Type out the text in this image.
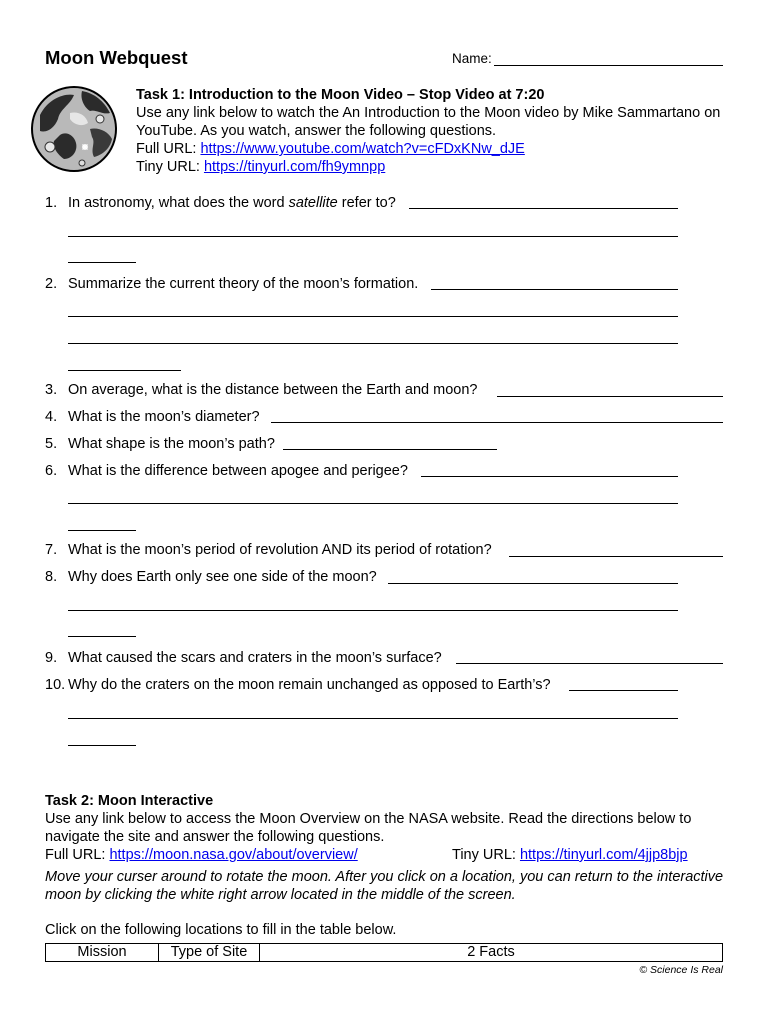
Moon Webquest	Name:
Task 1: Introduction to the Moon Video – Stop Video at 7:20
Use any link below to watch the An Introduction to the Moon video by Mike Sammartano on YouTube. As you watch, answer the following questions.
Full URL: https://www.youtube.com/watch?v=cFDxKNw_dJE
Tiny URL: https://tinyurl.com/fh9ymnpp
1. In astronomy, what does the word satellite refer to?
2. Summarize the current theory of the moon’s formation.
3. On average, what is the distance between the Earth and moon?
4. What is the moon’s diameter?
5. What shape is the moon’s path?
6. What is the difference between apogee and perigee?
7. What is the moon’s period of revolution AND its period of rotation?
8. Why does Earth only see one side of the moon?
9. What caused the scars and craters in the moon’s surface?
10. Why do the craters on the moon remain unchanged as opposed to Earth’s?
Task 2: Moon Interactive
Use any link below to access the Moon Overview on the NASA website. Read the directions below to navigate the site and answer the following questions.
Full URL: https://moon.nasa.gov/about/overview/	Tiny URL: https://tinyurl.com/4jjp8bjp
Move your curser around to rotate the moon. After you click on a location, you can return to the interactive moon by clicking the white right arrow located in the middle of the screen.
Click on the following locations to fill in the table below.
Mission	Type of Site	2 Facts
© Science Is Real
